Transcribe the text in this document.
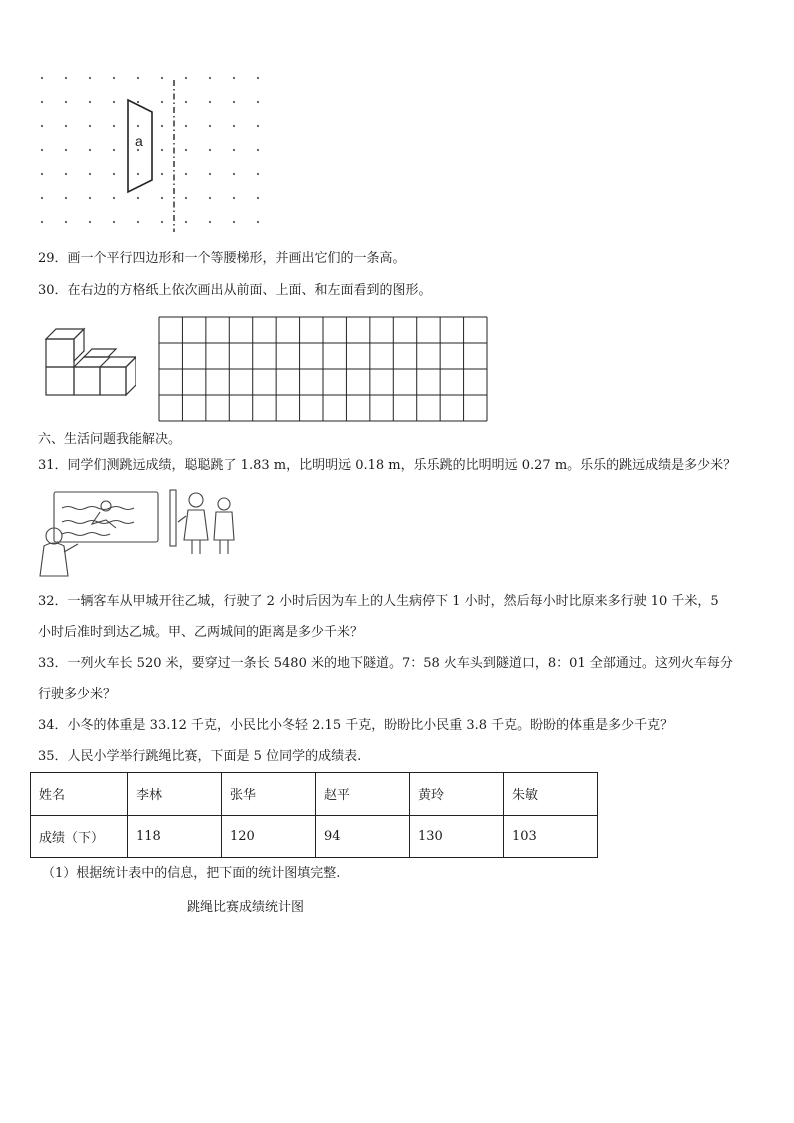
a
29．画一个平行四边形和一个等腰梯形，并画出它们的一条高。
30．在右边的方格纸上依次画出从前面、上面、和左面看到的图形。
六、生活问题我能解决。
31．同学们测跳远成绩，聪聪跳了 1.83 m，比明明远 0.18 m，乐乐跳的比明明远 0.27 m。乐乐的跳远成绩是多少米？
32．一辆客车从甲城开往乙城，行驶了 2 小时后因为车上的人生病停下 1 小时，然后每小时比原来多行驶 10 千米，5
小时后准时到达乙城。甲、乙两城间的距离是多少千米？
33．一列火车长 520 米，要穿过一条长 5480 米的地下隧道。7：58 火车头到隧道口，8：01 全部通过。这列火车每分
行驶多少米？
34．小冬的体重是 33.12 千克，小民比小冬轻 2.15 千克，盼盼比小民重 3.8 千克。盼盼的体重是多少千克？
35．人民小学举行跳绳比赛，下面是 5 位同学的成绩表.
姓名	李林	张华	赵平	黄玲	朱敏
成绩（下）	118	120	94	130	103
（1）根据统计表中的信息，把下面的统计图填完整.
跳绳比赛成绩统计图
